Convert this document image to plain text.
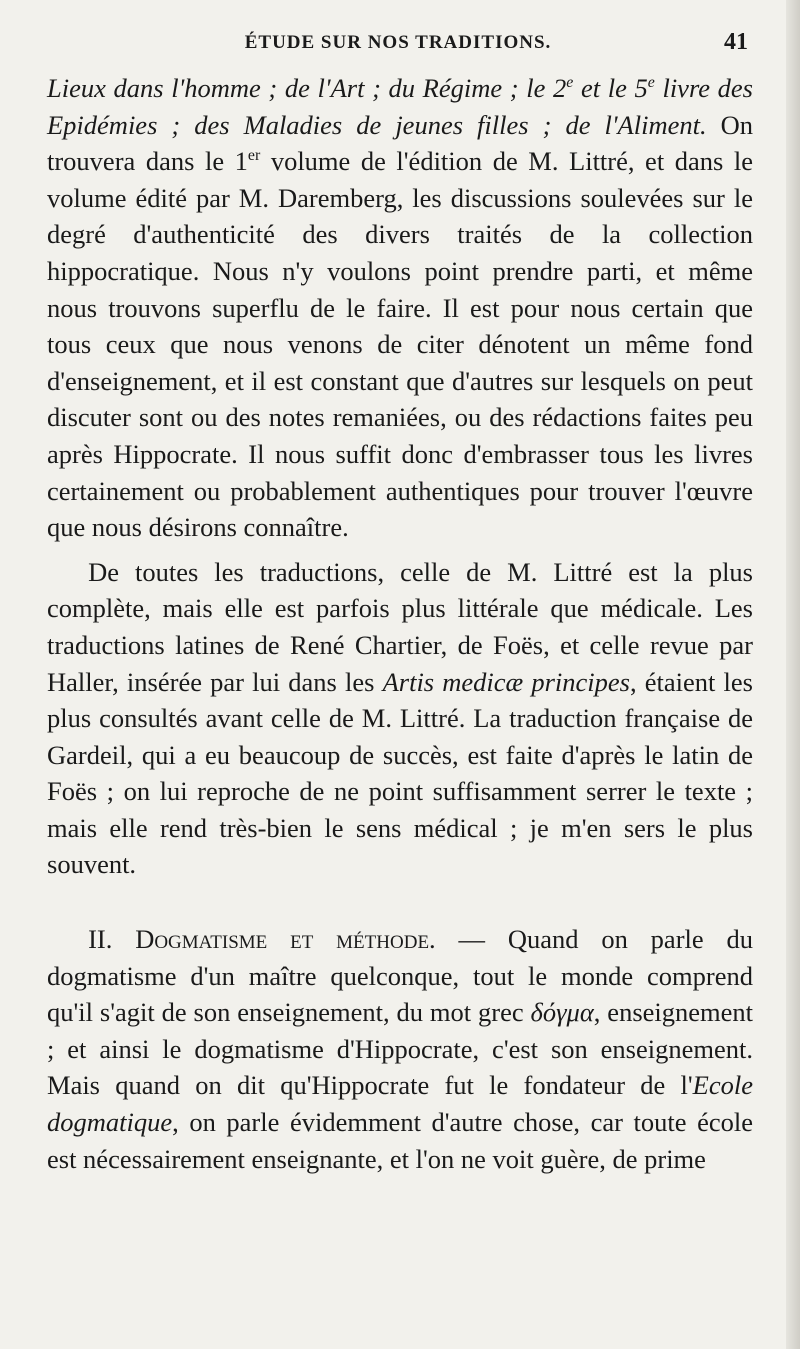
ÉTUDE SUR NOS TRADITIONS.	41

Lieux dans l'homme ; de l'Art ; du Régime ; le 2e et le 5e livre des Epidémies ; des Maladies de jeunes filles ; de l'Aliment. On trouvera dans le 1er volume de l'édition de M. Littré, et dans le volume édité par M. Daremberg, les discussions soulevées sur le degré d'authenticité des divers traités de la collection hippocratique. Nous n'y voulons point prendre parti, et même nous trouvons superflu de le faire. Il est pour nous certain que tous ceux que nous venons de citer dénotent un même fond d'enseignement, et il est constant que d'autres sur lesquels on peut discuter sont ou des notes remaniées, ou des rédactions faites peu après Hippocrate. Il nous suffit donc d'embrasser tous les livres certainement ou probablement authentiques pour trouver l'œuvre que nous désirons connaître.

De toutes les traductions, celle de M. Littré est la plus complète, mais elle est parfois plus littérale que médicale. Les traductions latines de René Chartier, de Foës, et celle revue par Haller, insérée par lui dans les Artis medicæ principes, étaient les plus consultés avant celle de M. Littré. La traduction française de Gardeil, qui a eu beaucoup de succès, est faite d'après le latin de Foës ; on lui reproche de ne point suffisamment serrer le texte ; mais elle rend très-bien le sens médical ; je m'en sers le plus souvent.

II. Dogmatisme et méthode. — Quand on parle du dogmatisme d'un maître quelconque, tout le monde comprend qu'il s'agit de son enseignement, du mot grec δόγμα, enseignement ; et ainsi le dogmatisme d'Hippocrate, c'est son enseignement. Mais quand on dit qu'Hippocrate fut le fondateur de l'Ecole dogmatique, on parle évidemment d'autre chose, car toute école est nécessairement enseignante, et l'on ne voit guère, de prime
